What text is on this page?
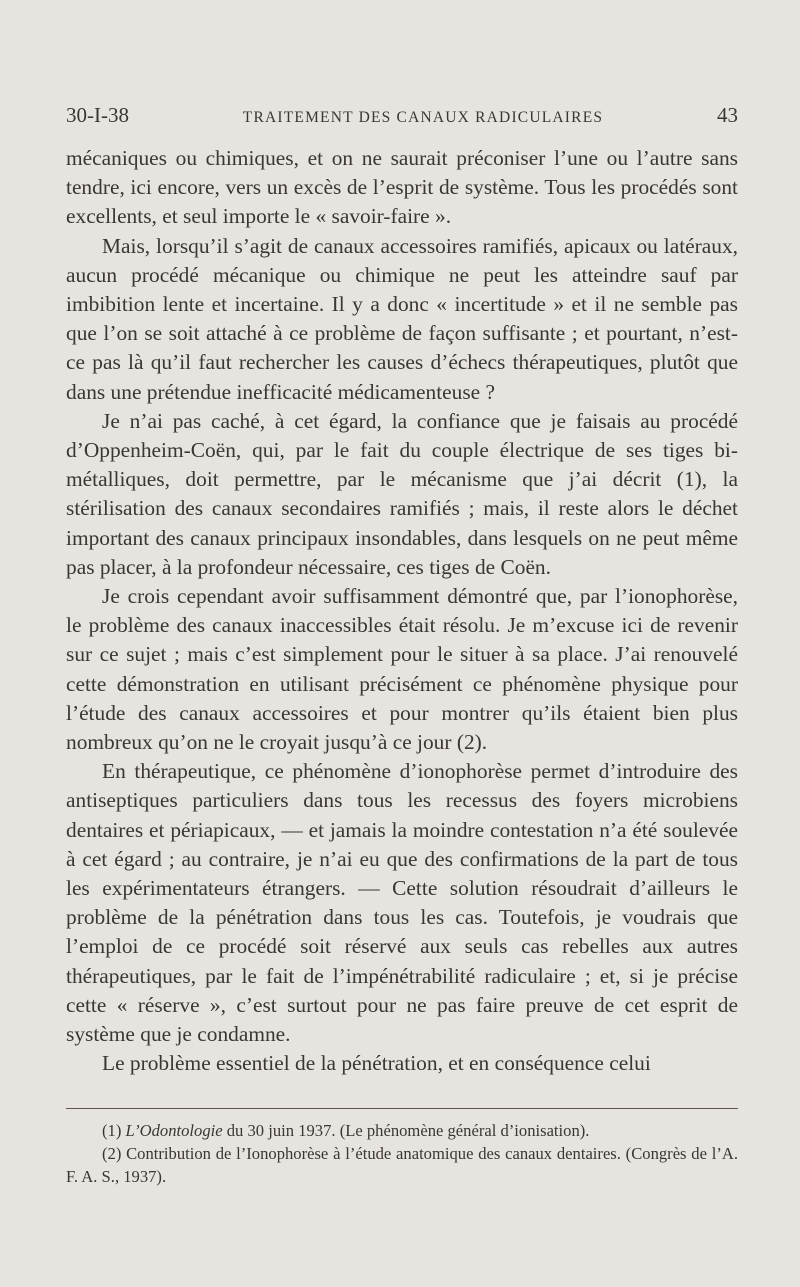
30-I-38	TRAITEMENT DES CANAUX RADICULAIRES	43

mécaniques ou chimiques, et on ne saurait préconiser l’une ou l’autre sans tendre, ici encore, vers un excès de l’esprit de système. Tous les procédés sont excellents, et seul importe le « savoir-faire ».

Mais, lorsqu’il s’agit de canaux accessoires ramifiés, apicaux ou latéraux, aucun procédé mécanique ou chimique ne peut les atteindre sauf par imbibition lente et incertaine. Il y a donc « incertitude » et il ne semble pas que l’on se soit attaché à ce problème de façon suffisante ; et pourtant, n’est-ce pas là qu’il faut rechercher les causes d’échecs thérapeutiques, plutôt que dans une prétendue inefficacité médicamenteuse ?

Je n’ai pas caché, à cet égard, la confiance que je faisais au procédé d’Oppenheim-Coën, qui, par le fait du couple électrique de ses tiges bi-métalliques, doit permettre, par le mécanisme que j’ai décrit (1), la stérilisation des canaux secondaires ramifiés ; mais, il reste alors le déchet important des canaux principaux insondables, dans lesquels on ne peut même pas placer, à la profondeur nécessaire, ces tiges de Coën.

Je crois cependant avoir suffisamment démontré que, par l’ionophorèse, le problème des canaux inaccessibles était résolu. Je m’excuse ici de revenir sur ce sujet ; mais c’est simplement pour le situer à sa place. J’ai renouvelé cette démonstration en utilisant précisément ce phénomène physique pour l’étude des canaux accessoires et pour montrer qu’ils étaient bien plus nombreux qu’on ne le croyait jusqu’à ce jour (2).

En thérapeutique, ce phénomène d’ionophorèse permet d’introduire des antiseptiques particuliers dans tous les recessus des foyers microbiens dentaires et périapicaux, — et jamais la moindre contestation n’a été soulevée à cet égard ; au contraire, je n’ai eu que des confirmations de la part de tous les expérimentateurs étrangers. — Cette solution résoudrait d’ailleurs le problème de la pénétration dans tous les cas. Toutefois, je voudrais que l’emploi de ce procédé soit réservé aux seuls cas rebelles aux autres thérapeutiques, par le fait de l’impénétrabilité radiculaire ; et, si je précise cette « réserve », c’est surtout pour ne pas faire preuve de cet esprit de système que je condamne.

Le problème essentiel de la pénétration, et en conséquence celui

(1) L’Odontologie du 30 juin 1937. (Le phénomène général d’ionisation).

(2) Contribution de l’Ionophorèse à l’étude anatomique des canaux dentaires. (Congrès de l’A. F. A. S., 1937).
